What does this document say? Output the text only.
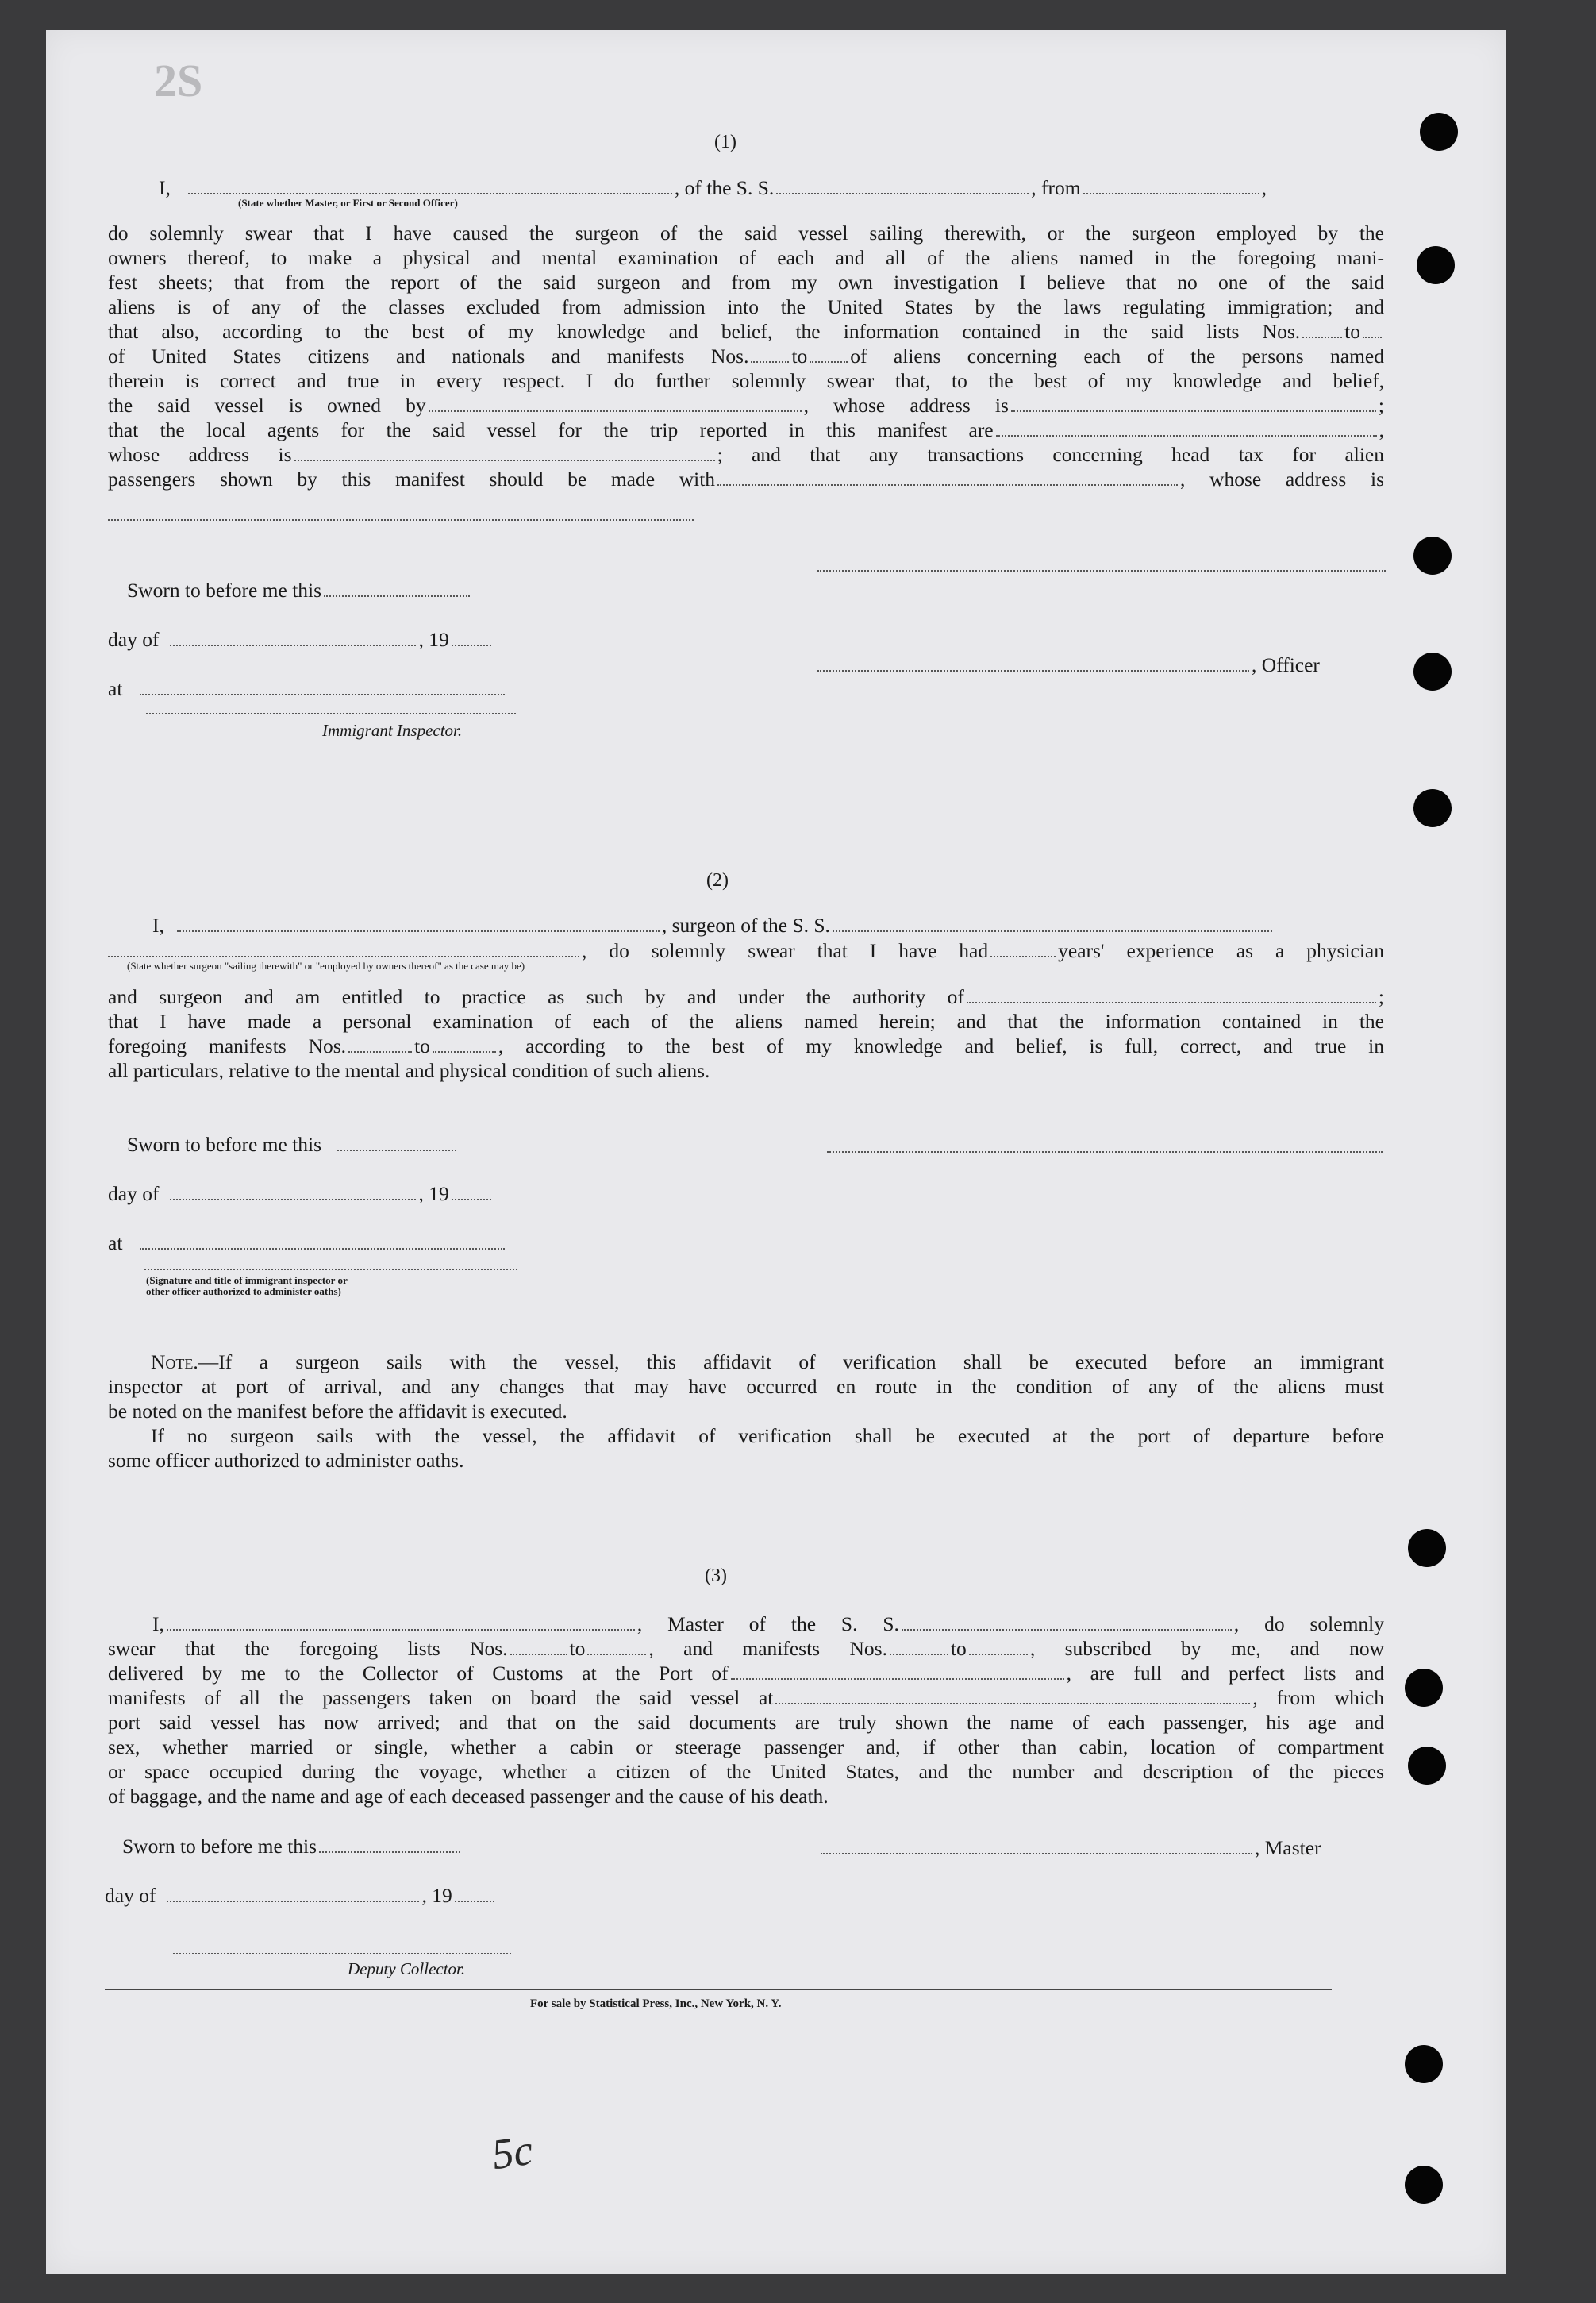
2S
(1)
I,	, of the S. S.	, from	,
(State whether Master, or First or Second Officer)
do solemnly swear that I have caused the surgeon of the said vessel sailing therewith, or the surgeon employed by the
owners thereof, to make a physical and mental examination of each and all of the aliens named in the foregoing mani-
fest sheets; that from the report of the said surgeon and from my own investigation I believe that no one of the said
aliens is of any of the classes excluded from admission into the United States by the laws regulating immigration; and
that also, according to the best of my knowledge and belief, the information contained in the said lists Nos. to
of United States citizens and nationals and manifests Nos. to of aliens concerning each of the persons named
therein is correct and true in every respect. I do further solemnly swear that, to the best of my knowledge and belief,
the said vessel is owned by	, whose address is	;
that the local agents for the said vessel for the trip reported in this manifest are	,
whose address is	; and that any transactions concerning head tax for alien
passengers shown by this manifest should be made with	, whose address is
Sworn to before me this
day of	, 19
at
Immigrant Inspector.
, Officer
(2)
I,	, surgeon of the S. S.
, do solemnly swear that I have had	years' experience as a physician
(State whether surgeon "sailing therewith" or "employed by owners thereof" as the case may be)
and surgeon and am entitled to practice as such by and under the authority of	;
that I have made a personal examination of each of the aliens named herein; and that the information contained in the
foregoing manifests Nos.	to	, according to the best of my knowledge and belief, is full, correct, and true in
all particulars, relative to the mental and physical condition of such aliens.
Sworn to before me this
day of	, 19
at
(Signature and title of immigrant inspector or
other officer authorized to administer oaths)
Note.—If a surgeon sails with the vessel, this affidavit of verification shall be executed before an immigrant
inspector at port of arrival, and any changes that may have occurred en route in the condition of any of the aliens must
be noted on the manifest before the affidavit is executed.
If no surgeon sails with the vessel, the affidavit of verification shall be executed at the port of departure before
some officer authorized to administer oaths.
(3)
I,	, Master of the S. S.	, do solemnly
swear that the foregoing lists Nos.	to	, and manifests Nos.	to	, subscribed by me, and now
delivered by me to the Collector of Customs at the Port of	, are full and perfect lists and
manifests of all the passengers taken on board the said vessel at	, from which
port said vessel has now arrived; and that on the said documents are truly shown the name of each passenger, his age and
sex, whether married or single, whether a cabin or steerage passenger and, if other than cabin, location of compartment
or space occupied during the voyage, whether a citizen of the United States, and the number and description of the pieces
of baggage, and the name and age of each deceased passenger and the cause of his death.
Sworn to before me this	, Master
day of	, 19
Deputy Collector.
For sale by Statistical Press, Inc., New York, N. Y.
5c
